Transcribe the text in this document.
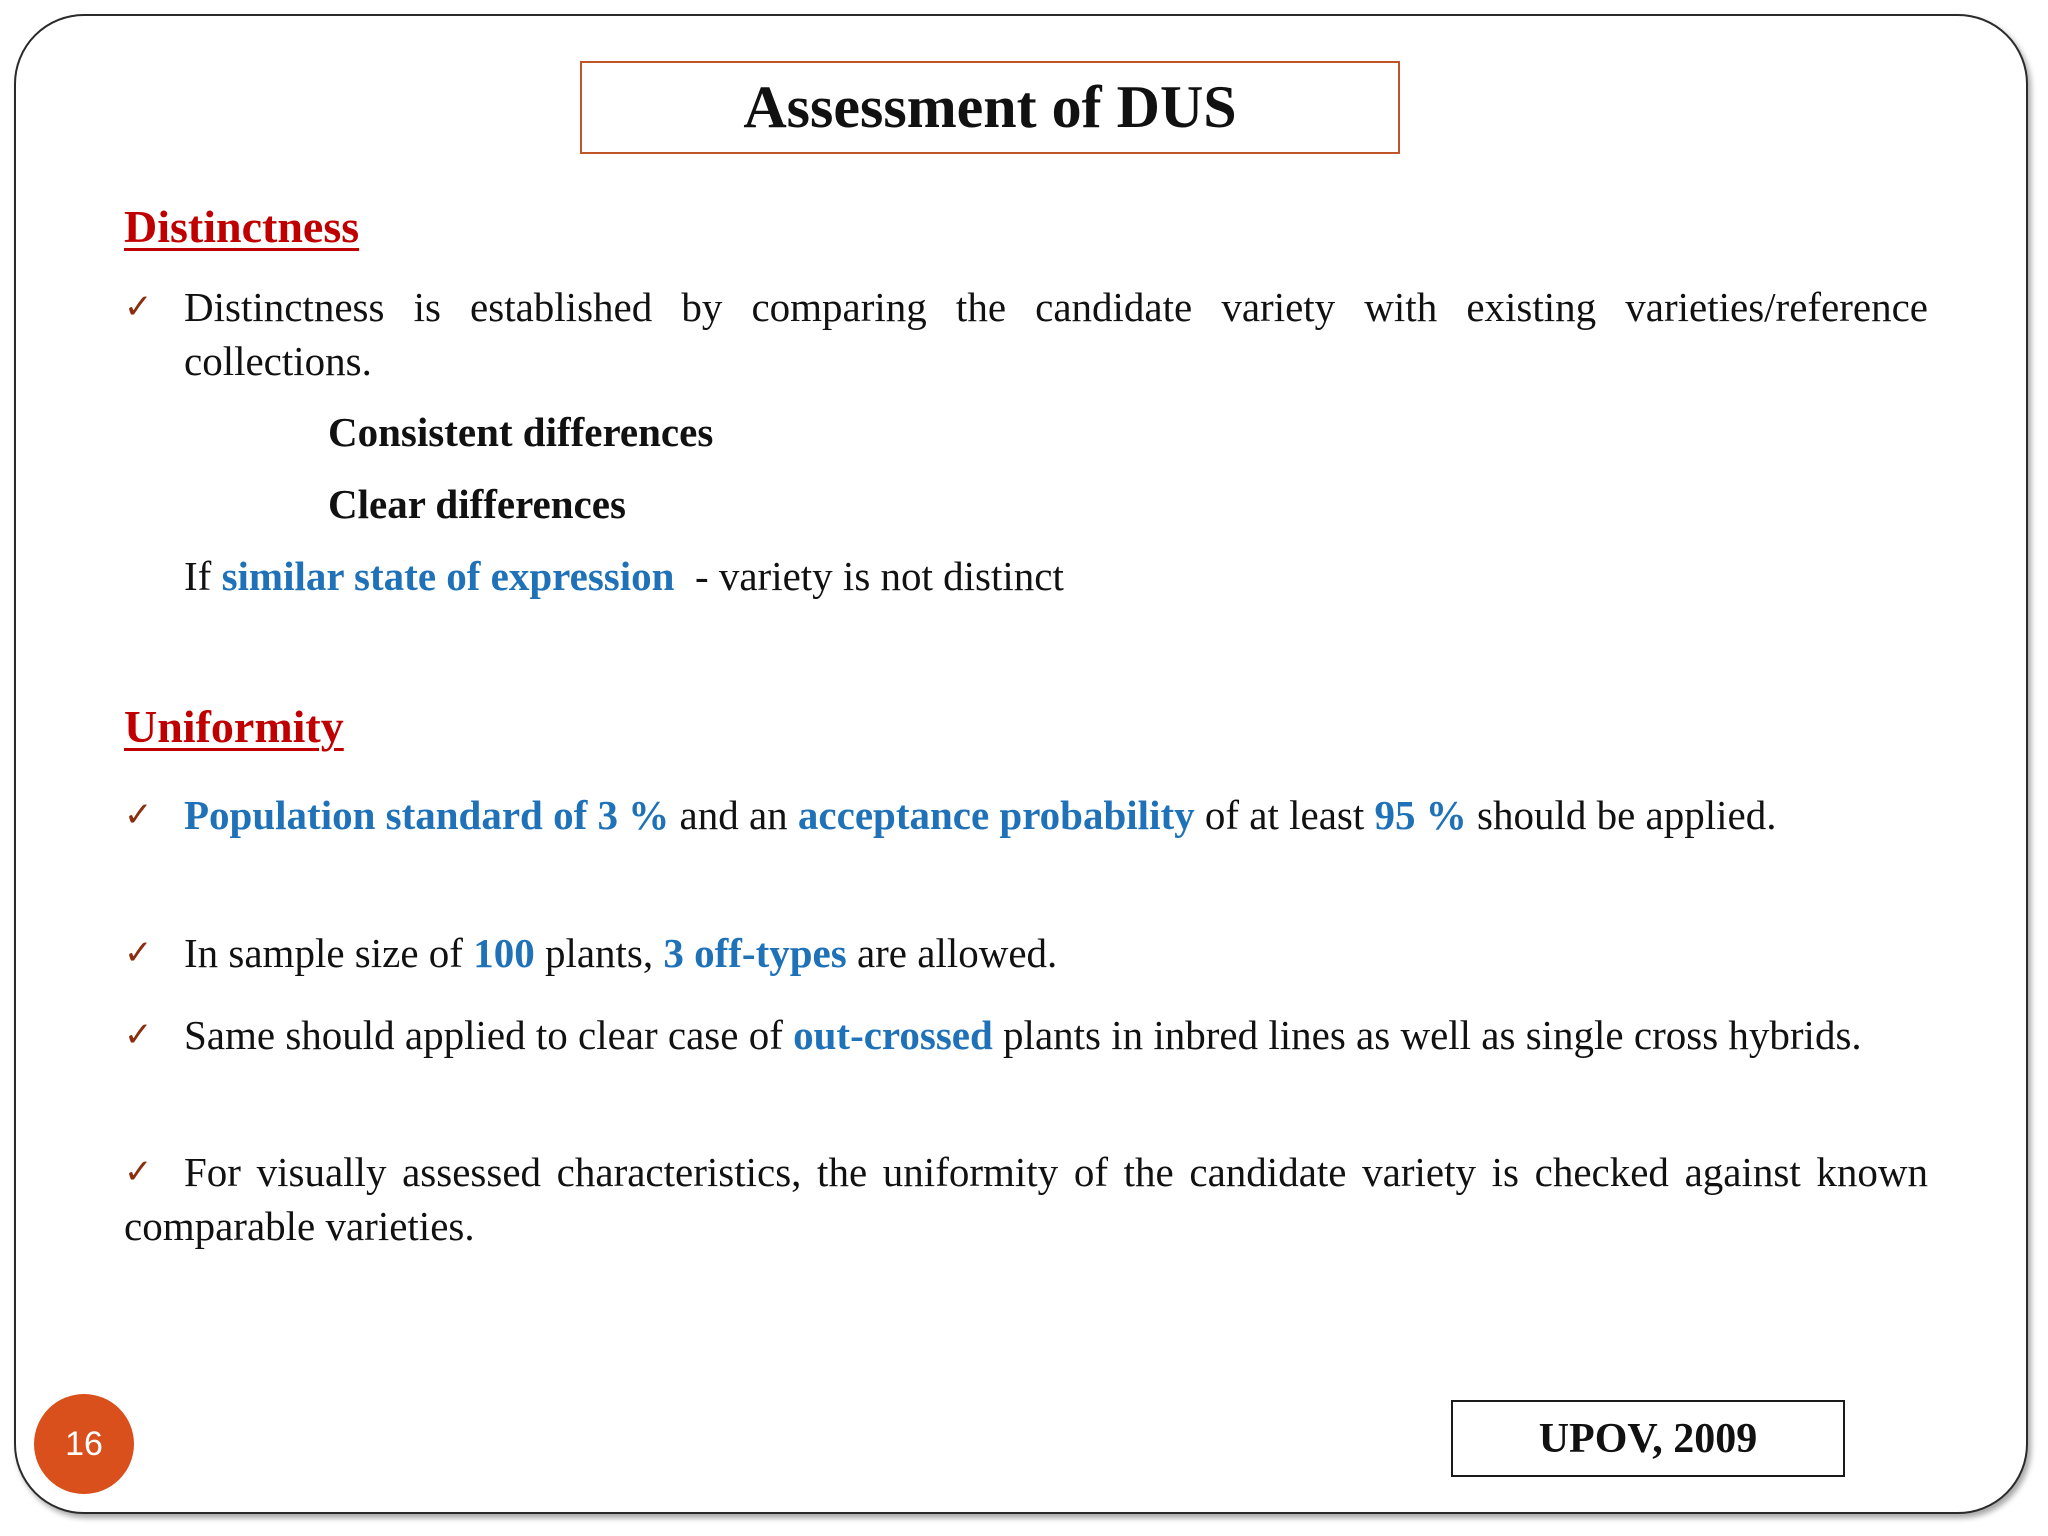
Assessment of DUS
Distinctness
✓ Distinctness is established by comparing the candidate variety with existing varieties/reference collections.
Consistent differences
Clear differences
If similar state of expression  - variety is not distinct
Uniformity
✓ Population standard of 3 % and an acceptance probability of at least 95 % should be applied.
✓ In sample size of 100 plants, 3 off-types are allowed.
✓ Same should applied to clear case of out-crossed plants in inbred lines as well as single cross hybrids.
✓ For visually assessed characteristics, the uniformity of the candidate variety is checked against known comparable varieties.
16	UPOV, 2009
